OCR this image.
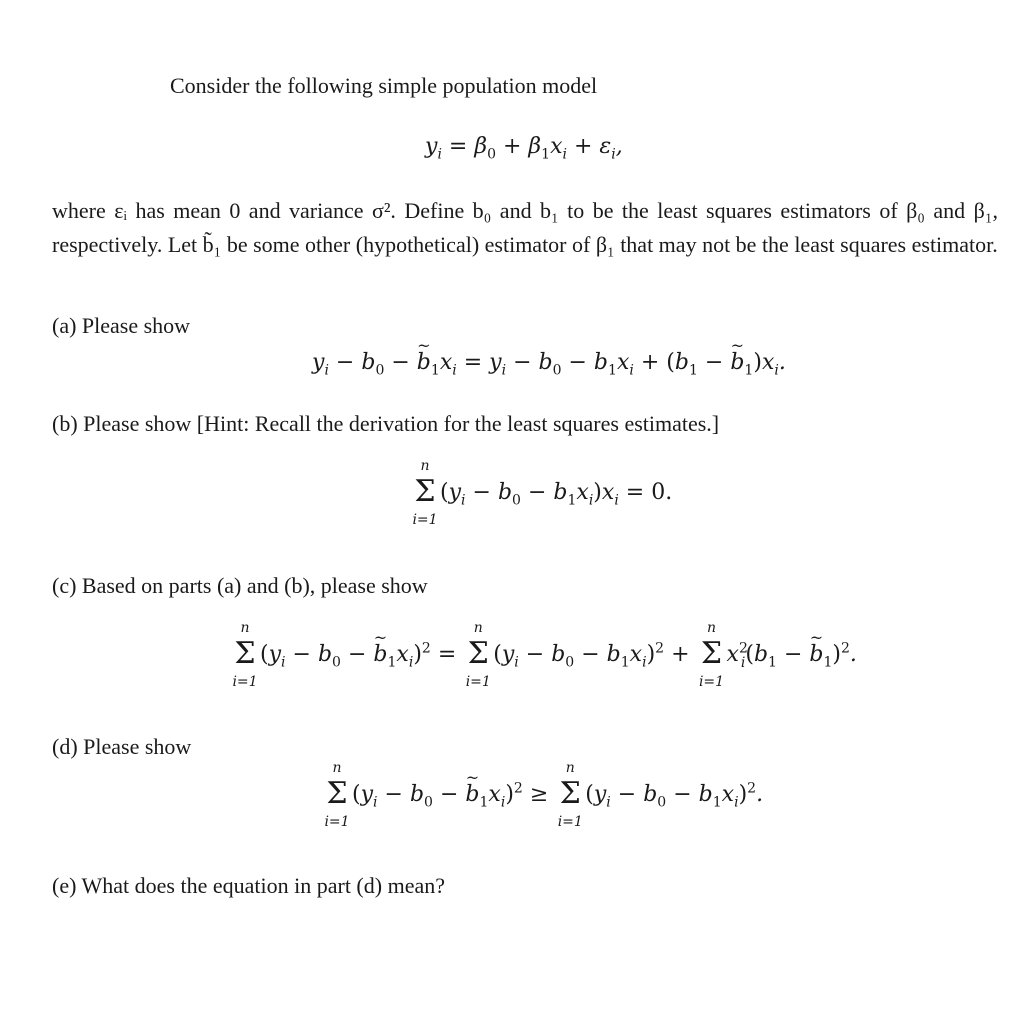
Consider the following simple population model
$y_i = \beta_0 + \beta_1x_i + \varepsilon_i$,
where εᵢ has mean 0 and variance σ². Define b₀ and b₁ to be the least squares estimators of β₀ and β₁, respectively. Let b̃₁ be some other (hypothetical) estimator of β₁ that may not be the least squares estimator.
(a) Please show
$y_i - b_0$ − ~ $b_1x_i = y_i - b_0 - b_1x_i + (b_1$ − ~ $b_1)x_i$.
(b) Please show [Hint: Recall the derivation for the least squares estimates.]
n
Σ
i=1
$(y_i - b_0 - b_1x_i)x_i = 0$.
(c) Based on parts (a) and (b), please show
n
Σ
i=1
($y_i - b_0$ − ~ $b_1x_i)^2$ =
n
Σ
i=1
$(y_i - b_0 - b_1x_i)^2$ +
n
Σ
i=1
$x^2_i(b_1$ − ~ $b_1)^2$.
(d) Please show
n
Σ
i=1
($y_i - b_0$ − ~ $b_1x_i)^2$ ≥
n
Σ
i=1
$(y_i - b_0 - b_1x_i)^2$.
(e) What does the equation in part (d) mean?
